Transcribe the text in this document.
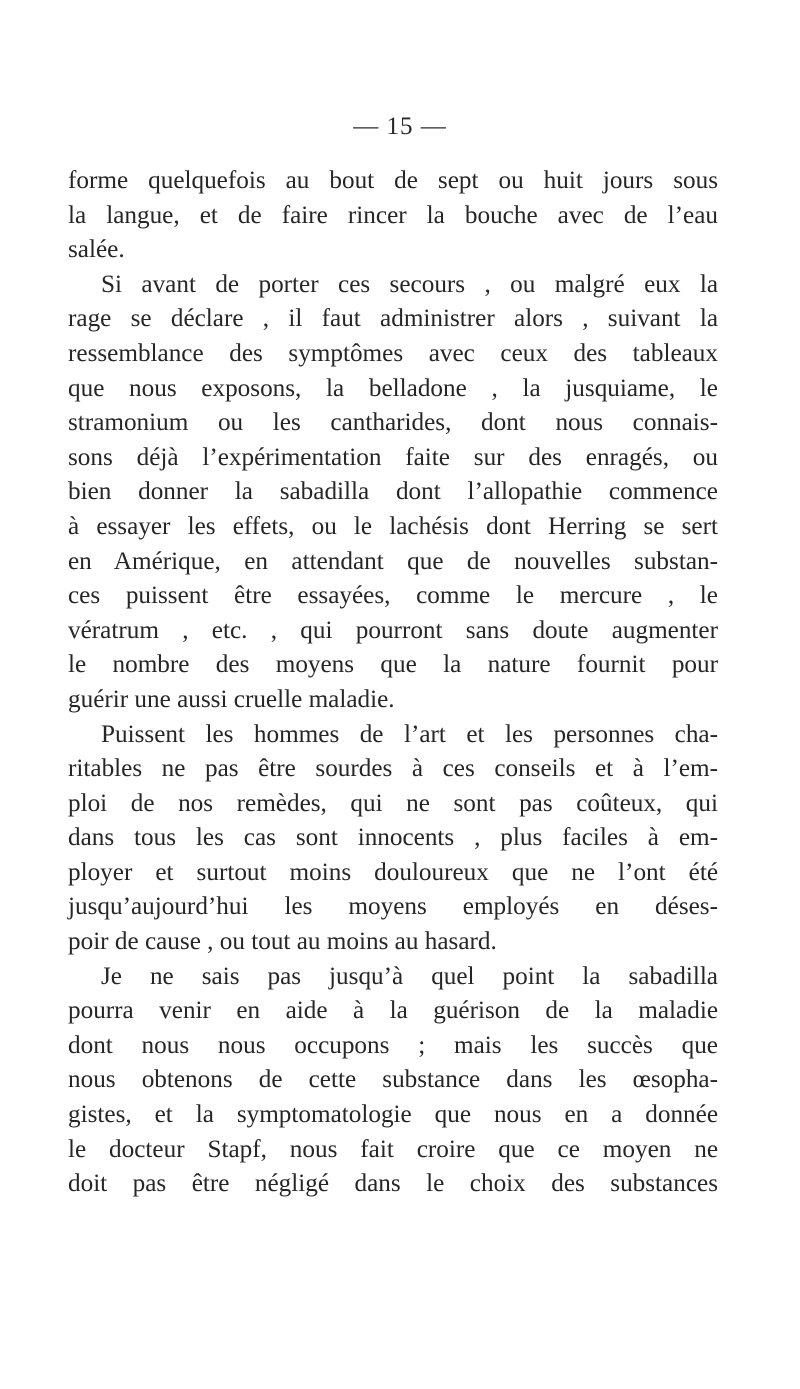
— 15 —
forme quelquefois au bout de sept ou huit jours sous
la langue, et de faire rincer la bouche avec de l’eau
salée.
Si avant de porter ces secours , ou malgré eux la
rage se déclare , il faut administrer alors , suivant la
ressemblance des symptômes avec ceux des tableaux
que nous exposons, la belladone , la jusquiame, le
stramonium ou les cantharides, dont nous connais-
sons déjà l’expérimentation faite sur des enragés, ou
bien donner la sabadilla dont l’allopathie commence
à essayer les effets, ou le lachésis dont Herring se sert
en Amérique, en attendant que de nouvelles substan-
ces puissent être essayées, comme le mercure , le
vératrum , etc. , qui pourront sans doute augmenter
le nombre des moyens que la nature fournit pour
guérir une aussi cruelle maladie.
Puissent les hommes de l’art et les personnes cha-
ritables ne pas être sourdes à ces conseils et à l’em-
ploi de nos remèdes, qui ne sont pas coûteux, qui
dans tous les cas sont innocents , plus faciles à em-
ployer et surtout moins douloureux que ne l’ont été
jusqu’aujourd’hui les moyens employés en déses-
poir de cause , ou tout au moins au hasard.
Je ne sais pas jusqu’à quel point la sabadilla
pourra venir en aide à la guérison de la maladie
dont nous nous occupons ; mais les succès que
nous obtenons de cette substance dans les œsopha-
gistes, et la symptomatologie que nous en a donnée
le docteur Stapf, nous fait croire que ce moyen ne
doit pas être négligé dans le choix des substances
